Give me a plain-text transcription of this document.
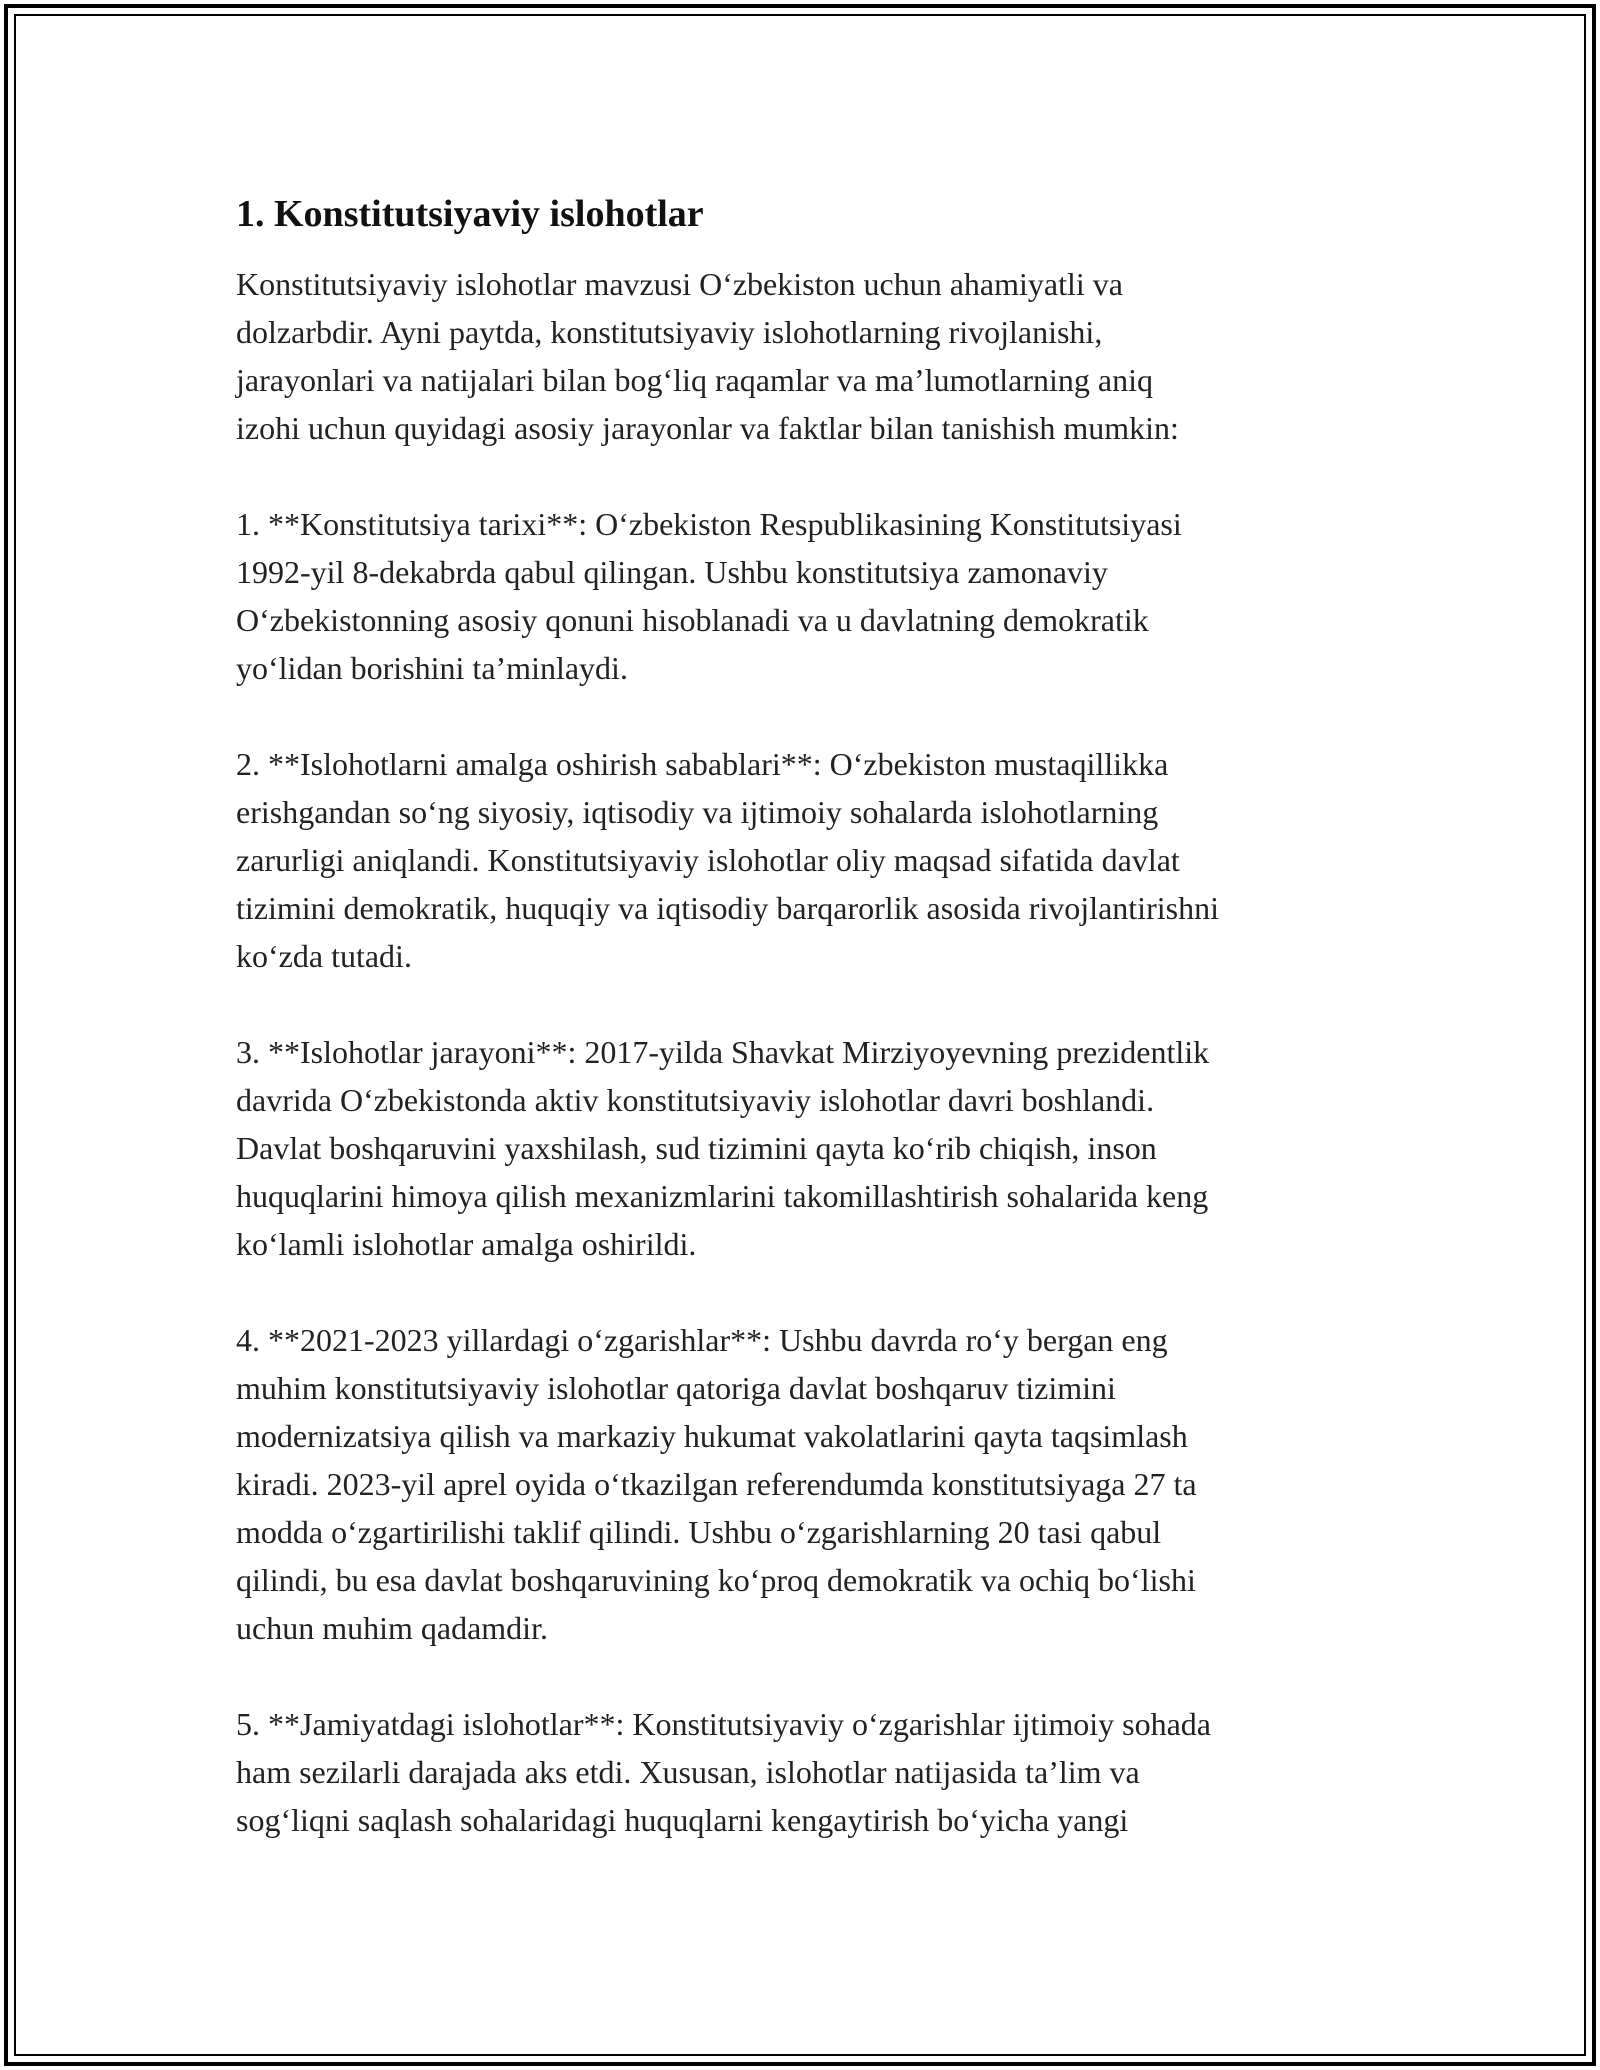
1. Konstitutsiyaviy islohotlar
Konstitutsiyaviy islohotlar mavzusi O‘zbekiston uchun ahamiyatli va
dolzarbdir. Ayni paytda, konstitutsiyaviy islohotlarning rivojlanishi,
jarayonlari va natijalari bilan bog‘liq raqamlar va ma’lumotlarning aniq
izohi uchun quyidagi asosiy jarayonlar va faktlar bilan tanishish mumkin:
1. **Konstitutsiya tarixi**: O‘zbekiston Respublikasining Konstitutsiyasi
1992-yil 8-dekabrda qabul qilingan. Ushbu konstitutsiya zamonaviy
O‘zbekistonning asosiy qonuni hisoblanadi va u davlatning demokratik
yo‘lidan borishini ta’minlaydi.
2. **Islohotlarni amalga oshirish sabablari**: O‘zbekiston mustaqillikka
erishgandan so‘ng siyosiy, iqtisodiy va ijtimoiy sohalarda islohotlarning
zarurligi aniqlandi. Konstitutsiyaviy islohotlar oliy maqsad sifatida davlat
tizimini demokratik, huquqiy va iqtisodiy barqarorlik asosida rivojlantirishni
ko‘zda tutadi.
3. **Islohotlar jarayoni**: 2017-yilda Shavkat Mirziyoyevning prezidentlik
davrida O‘zbekistonda aktiv konstitutsiyaviy islohotlar davri boshlandi.
Davlat boshqaruvini yaxshilash, sud tizimini qayta ko‘rib chiqish, inson
huquqlarini himoya qilish mexanizmlarini takomillashtirish sohalarida keng
ko‘lamli islohotlar amalga oshirildi.
4. **2021-2023 yillardagi o‘zgarishlar**: Ushbu davrda ro‘y bergan eng
muhim konstitutsiyaviy islohotlar qatoriga davlat boshqaruv tizimini
modernizatsiya qilish va markaziy hukumat vakolatlarini qayta taqsimlash
kiradi. 2023-yil aprel oyida o‘tkazilgan referendumda konstitutsiyaga 27 ta
modda o‘zgartirilishi taklif qilindi. Ushbu o‘zgarishlarning 20 tasi qabul
qilindi, bu esa davlat boshqaruvining ko‘proq demokratik va ochiq bo‘lishi
uchun muhim qadamdir.
5. **Jamiyatdagi islohotlar**: Konstitutsiyaviy o‘zgarishlar ijtimoiy sohada
ham sezilarli darajada aks etdi. Xususan, islohotlar natijasida ta’lim va
sog‘liqni saqlash sohalaridagi huquqlarni kengaytirish bo‘yicha yangi
